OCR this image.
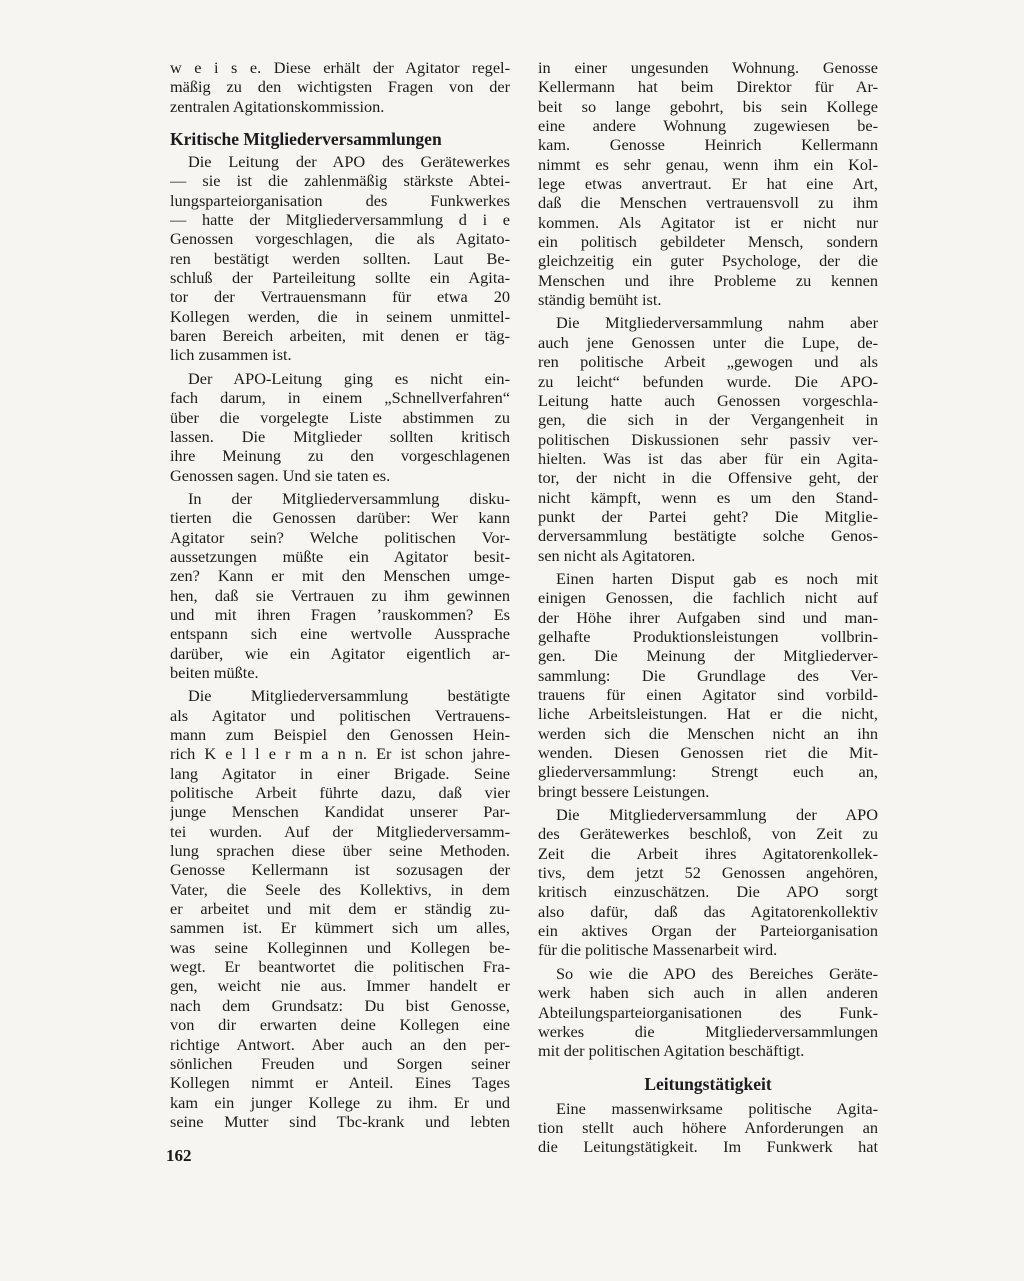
w e i s e. Diese erhält der Agitator regel-
mäßig zu den wichtigsten Fragen von der
zentralen Agitationskommission.
Kritische Mitgliederversammlungen
Die Leitung der APO des Gerätewerkes
— sie ist die zahlenmäßig stärkste Abtei-
lungsparteiorganisation des Funkwerkes
— hatte der Mitgliederversammlung d i e
Genossen vorgeschlagen, die als Agitato-
ren bestätigt werden sollten. Laut Be-
schluß der Parteileitung sollte ein Agita-
tor der Vertrauensmann für etwa 20
Kollegen werden, die in seinem unmittel-
baren Bereich arbeiten, mit denen er täg-
lich zusammen ist.
Der APO-Leitung ging es nicht ein-
fach darum, in einem „Schnellverfahren“
über die vorgelegte Liste abstimmen zu
lassen. Die Mitglieder sollten kritisch
ihre Meinung zu den vorgeschlagenen
Genossen sagen. Und sie taten es.
In der Mitgliederversammlung disku-
tierten die Genossen darüber: Wer kann
Agitator sein? Welche politischen Vor-
aussetzungen müßte ein Agitator besit-
zen? Kann er mit den Menschen umge-
hen, daß sie Vertrauen zu ihm gewinnen
und mit ihren Fragen ’rauskommen? Es
entspann sich eine wertvolle Aussprache
darüber, wie ein Agitator eigentlich ar-
beiten müßte.
Die Mitgliederversammlung bestätigte
als Agitator und politischen Vertrauens-
mann zum Beispiel den Genossen Hein-
rich K e l l e r m a n n. Er ist schon jahre-
lang Agitator in einer Brigade. Seine
politische Arbeit führte dazu, daß vier
junge Menschen Kandidat unserer Par-
tei wurden. Auf der Mitgliederversamm-
lung sprachen diese über seine Methoden.
Genosse Kellermann ist sozusagen der
Vater, die Seele des Kollektivs, in dem
er arbeitet und mit dem er ständig zu-
sammen ist. Er kümmert sich um alles,
was seine Kolleginnen und Kollegen be-
wegt. Er beantwortet die politischen Fra-
gen, weicht nie aus. Immer handelt er
nach dem Grundsatz: Du bist Genosse,
von dir erwarten deine Kollegen eine
richtige Antwort. Aber auch an den per-
sönlichen Freuden und Sorgen seiner
Kollegen nimmt er Anteil. Eines Tages
kam ein junger Kollege zu ihm. Er und
seine Mutter sind Tbc-krank und lebten
in einer ungesunden Wohnung. Genosse
Kellermann hat beim Direktor für Ar-
beit so lange gebohrt, bis sein Kollege
eine andere Wohnung zugewiesen be-
kam. Genosse Heinrich Kellermann
nimmt es sehr genau, wenn ihm ein Kol-
lege etwas anvertraut. Er hat eine Art,
daß die Menschen vertrauensvoll zu ihm
kommen. Als Agitator ist er nicht nur
ein politisch gebildeter Mensch, sondern
gleichzeitig ein guter Psychologe, der die
Menschen und ihre Probleme zu kennen
ständig bemüht ist.
Die Mitgliederversammlung nahm aber
auch jene Genossen unter die Lupe, de-
ren politische Arbeit „gewogen und als
zu leicht“ befunden wurde. Die APO-
Leitung hatte auch Genossen vorgeschla-
gen, die sich in der Vergangenheit in
politischen Diskussionen sehr passiv ver-
hielten. Was ist das aber für ein Agita-
tor, der nicht in die Offensive geht, der
nicht kämpft, wenn es um den Stand-
punkt der Partei geht? Die Mitglie-
derversammlung bestätigte solche Genos-
sen nicht als Agitatoren.
Einen harten Disput gab es noch mit
einigen Genossen, die fachlich nicht auf
der Höhe ihrer Aufgaben sind und man-
gelhafte Produktionsleistungen vollbrin-
gen. Die Meinung der Mitgliederver-
sammlung: Die Grundlage des Ver-
trauens für einen Agitator sind vorbild-
liche Arbeitsleistungen. Hat er die nicht,
werden sich die Menschen nicht an ihn
wenden. Diesen Genossen riet die Mit-
gliederversammlung: Strengt euch an,
bringt bessere Leistungen.
Die Mitgliederversammlung der APO
des Gerätewerkes beschloß, von Zeit zu
Zeit die Arbeit ihres Agitatorenkollek-
tivs, dem jetzt 52 Genossen angehören,
kritisch einzuschätzen. Die APO sorgt
also dafür, daß das Agitatorenkollektiv
ein aktives Organ der Parteiorganisation
für die politische Massenarbeit wird.
So wie die APO des Bereiches Geräte-
werk haben sich auch in allen anderen
Abteilungsparteiorganisationen des Funk-
werkes die Mitgliederversammlungen
mit der politischen Agitation beschäftigt.
Leitungstätigkeit
Eine massenwirksame politische Agita-
tion stellt auch höhere Anforderungen an
die Leitungstätigkeit. Im Funkwerk hat
162
